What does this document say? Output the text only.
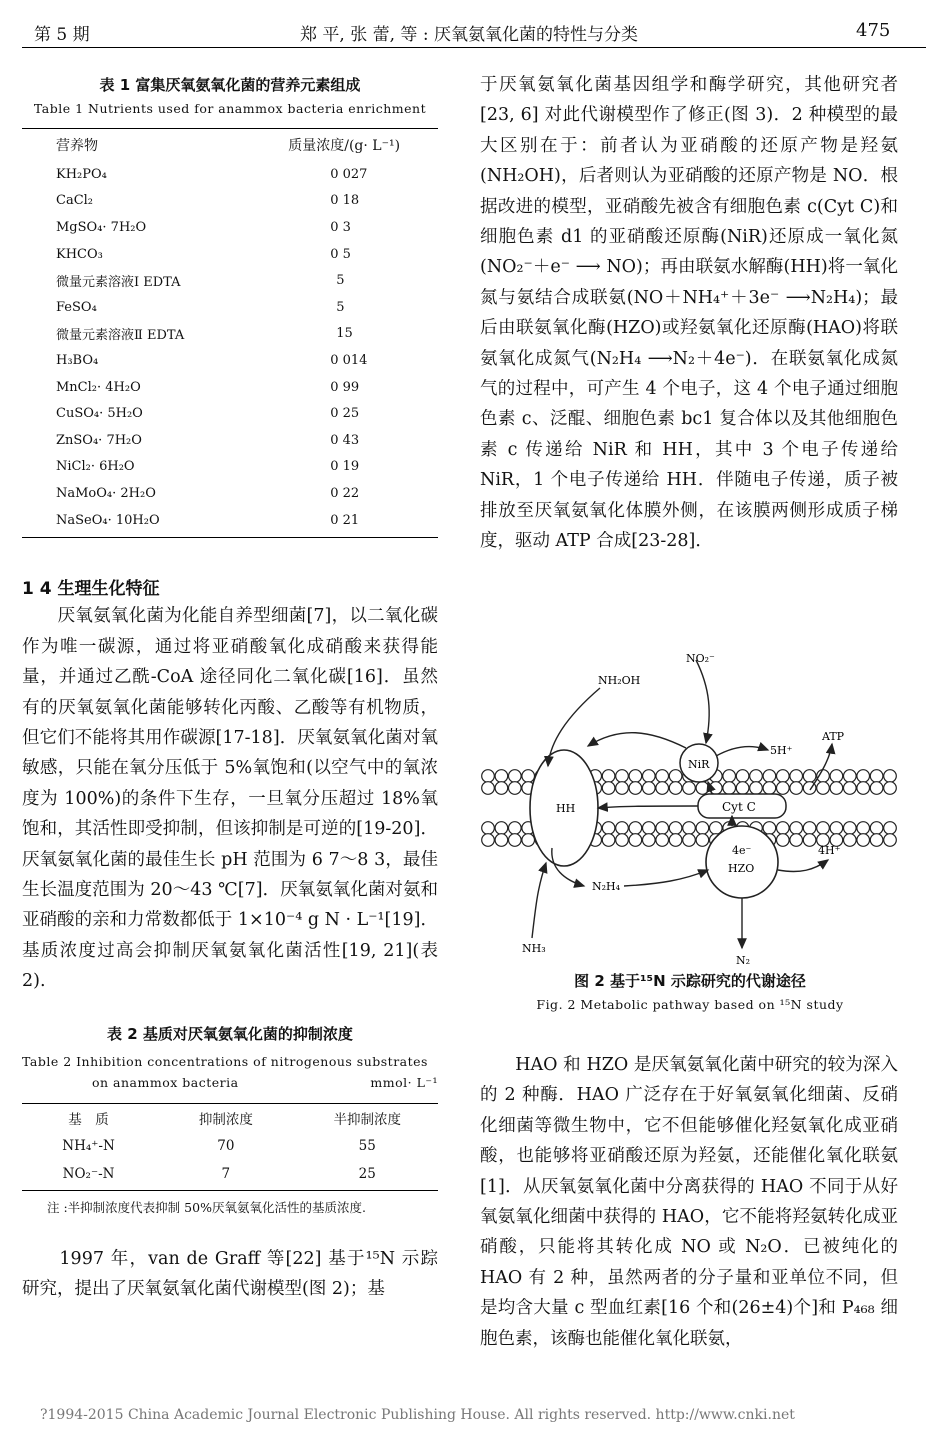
第 5 期	郑 平, 张 蕾, 等 : 厌氧氨氧化菌的特性与分类	475
表 1 富集厌氧氨氧化菌的营养元素组成
Table 1 Nutrients used for anammox bacteria enrichment
营养物	质量浓度/(g· L⁻¹)
KH₂PO₄	0 027
CaCl₂	0 18
MgSO₄· 7H₂O	0 3
KHCO₃	0 5
微量元素溶液Ⅰ EDTA	5
FeSO₄	5
微量元素溶液Ⅱ EDTA	15
H₃BO₄	0 014
MnCl₂· 4H₂O	0 99
CuSO₄· 5H₂O	0 25
ZnSO₄· 7H₂O	0 43
NiCl₂· 6H₂O	0 19
NaMoO₄· 2H₂O	0 22
NaSeO₄· 10H₂O	0 21
1 4 生理生化特征

　　厌氧氨氧化菌为化能自养型细菌[7]，以二氧化碳作为唯一碳源，通过将亚硝酸氧化成硝酸来获得能量，并通过乙酰-CoA 途径同化二氧化碳[16]．虽然有的厌氧氨氧化菌能够转化丙酸、乙酸等有机物质，但它们不能将其用作碳源[17-18]．厌氧氨氧化菌对氧敏感，只能在氧分压低于 5%氧饱和(以空气中的氧浓度为 100%)的条件下生存，一旦氧分压超过 18%氧饱和，其活性即受抑制，但该抑制是可逆的[19-20]．厌氧氨氧化菌的最佳生长 pH 范围为 6 7～8 3，最佳生长温度范围为 20～43 ℃[7]．厌氧氨氧化菌对氨和亚硝酸的亲和力常数都低于 1×10⁻⁴ g N · L⁻¹[19]．基质浓度过高会抑制厌氧氨氧化菌活性[19, 21](表 2).

表 2 基质对厌氧氨氧化菌的抑制浓度
Table 2 Inhibition concentrations of nitrogenous substrates
on anammox bacteria	mmol· L⁻¹
基　质	抑制浓度	半抑制浓度
NH₄⁺-N	70	55
NO₂⁻-N	7	25
注 :半抑制浓度代表抑制 50%厌氧氨氧化活性的基质浓度.

　　1997 年，van de Graff 等[22] 基于¹⁵N 示踪研究，提出了厌氧氨氧化菌代谢模型(图 2)；基

于厌氧氨氧化菌基因组学和酶学研究，其他研究者[23, 6] 对此代谢模型作了修正(图 3)．2 种模型的最大区别在于：前者认为亚硝酸的还原产物是羟氨(NH₂OH)，后者则认为亚硝酸的还原产物是 NO．根据改进的模型，亚硝酸先被含有细胞色素 c(Cyt C)和细胞色素 d1 的亚硝酸还原酶(NiR)还原成一氧化氮(NO₂⁻＋e⁻ ⟶ NO)；再由联氨水解酶(HH)将一氧化氮与氨结合成联氨(NO＋NH₄⁺＋3e⁻ ⟶N₂H₄)；最后由联氨氧化酶(HZO)或羟氨氧化还原酶(HAO)将联氨氧化成氮气(N₂H₄ ⟶N₂＋4e⁻)．在联氨氧化成氮气的过程中，可产生 4 个电子，这 4 个电子通过细胞色素 c、泛醌、细胞色素 bc1 复合体以及其他细胞色素 c 传递给 NiR 和 HH，其中 3 个电子传递给 NiR，1 个电子传递给 HH．伴随电子传递，质子被排放至厌氧氨氧化体膜外侧，在该膜两侧形成质子梯度，驱动 ATP 合成[23-28]．

NO₂⁻
NH₂OH
5H⁺
ATP
NiR
HH	Cyt C
4e⁻
HZO
4H⁺
N₂H₄
NH₃
N₂
图 2 基于¹⁵N 示踪研究的代谢途径
Fig. 2 Metabolic pathway based on ¹⁵N study

　　HAO 和 HZO 是厌氧氨氧化菌中研究的较为深入的 2 种酶．HAO 广泛存在于好氧氨氧化细菌、反硝化细菌等微生物中，它不但能够催化羟氨氧化成亚硝酸，也能够将亚硝酸还原为羟氨，还能催化氧化联氨[1]．从厌氧氨氧化菌中分离获得的 HAO 不同于从好氧氨氧化细菌中获得的 HAO，它不能将羟氨转化成亚硝酸，只能将其转化成 NO 或 N₂O．已被纯化的 HAO 有 2 种，虽然两者的分子量和亚单位不同，但是均含大量 c 型血红素[16 个和(26±4)个]和 P₄₆₈ 细胞色素，该酶也能催化氧化联氨，

?1994-2015 China Academic Journal Electronic Publishing House. All rights reserved. http://www.cnki.net
